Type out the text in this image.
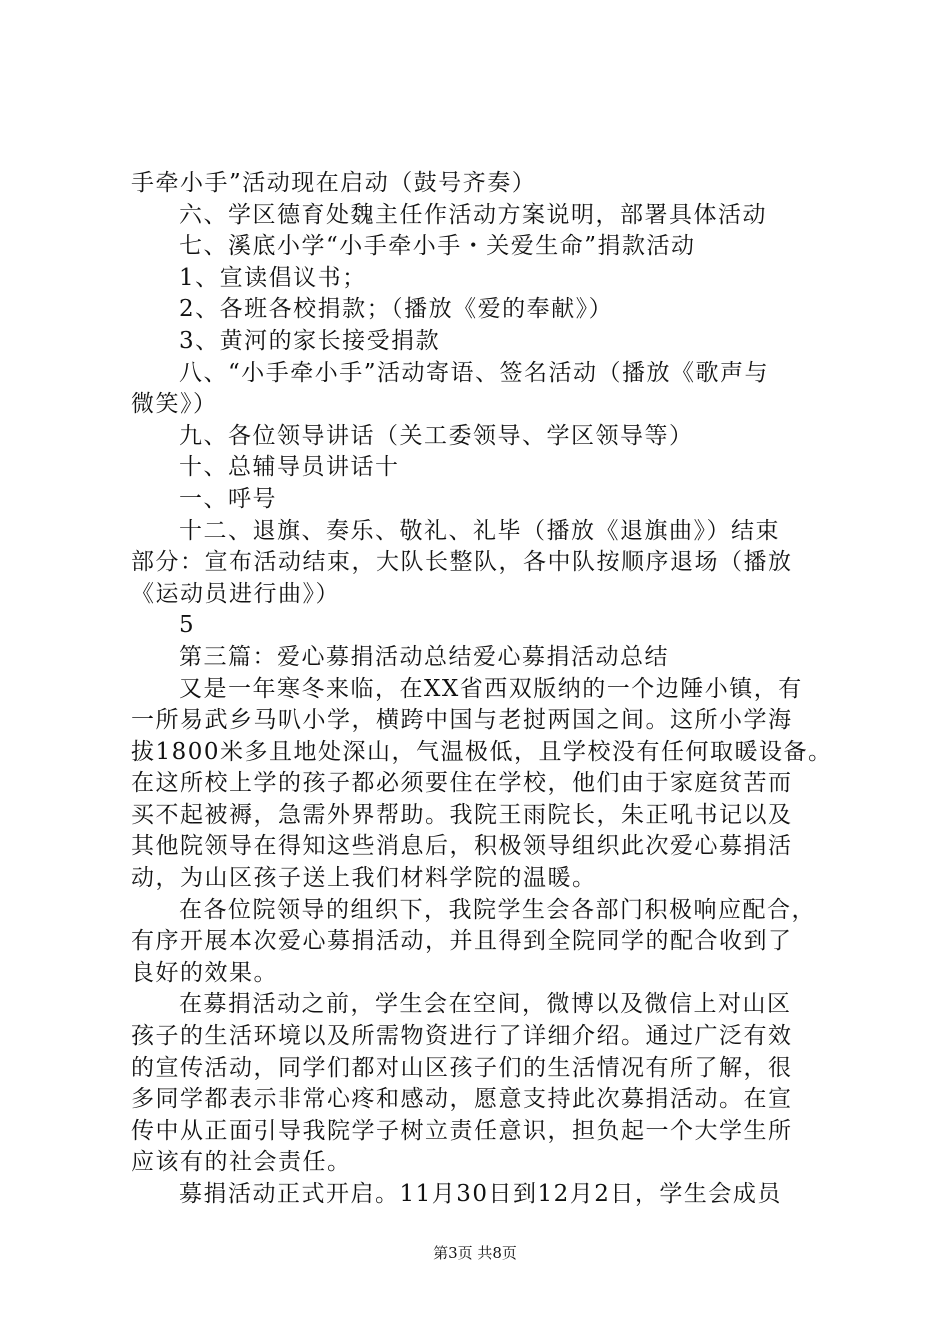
手牵小手”活动现在启动（鼓号齐奏）
六、学区德育处魏主任作活动方案说明，部署具体活动
七、溪底小学“小手牵小手・关爱生命”捐款活动
1、宣读倡议书；
2、各班各校捐款；（播放《爱的奉献》）
3、黄河的家长接受捐款
八、“小手牵小手”活动寄语、签名活动（播放《歌声与
微笑》）
九、各位领导讲话（关工委领导、学区领导等）
十、总辅导员讲话十
一、呼号
十二、退旗、奏乐、敬礼、礼毕（播放《退旗曲》）结束
部分：宣布活动结束，大队长整队，各中队按顺序退场（播放
《运动员进行曲》）
5
第三篇：爱心募捐活动总结爱心募捐活动总结
又是一年寒冬来临，在XX省西双版纳的一个边陲小镇，有
一所易武乡马叭小学，横跨中国与老挝两国之间。这所小学海
拔1800米多且地处深山，气温极低，且学校没有任何取暖设备。
在这所校上学的孩子都必须要住在学校，他们由于家庭贫苦而
买不起被褥，急需外界帮助。我院王雨院长，朱正吼书记以及
其他院领导在得知这些消息后，积极领导组织此次爱心募捐活
动，为山区孩子送上我们材料学院的温暖。
在各位院领导的组织下，我院学生会各部门积极响应配合，
有序开展本次爱心募捐活动，并且得到全院同学的配合收到了
良好的效果。
在募捐活动之前，学生会在空间，微博以及微信上对山区
孩子的生活环境以及所需物资进行了详细介绍。通过广泛有效
的宣传活动，同学们都对山区孩子们的生活情况有所了解，很
多同学都表示非常心疼和感动，愿意支持此次募捐活动。在宣
传中从正面引导我院学子树立责任意识，担负起一个大学生所
应该有的社会责任。
募捐活动正式开启。11月30日到12月2日，学生会成员
第3页 共8页
